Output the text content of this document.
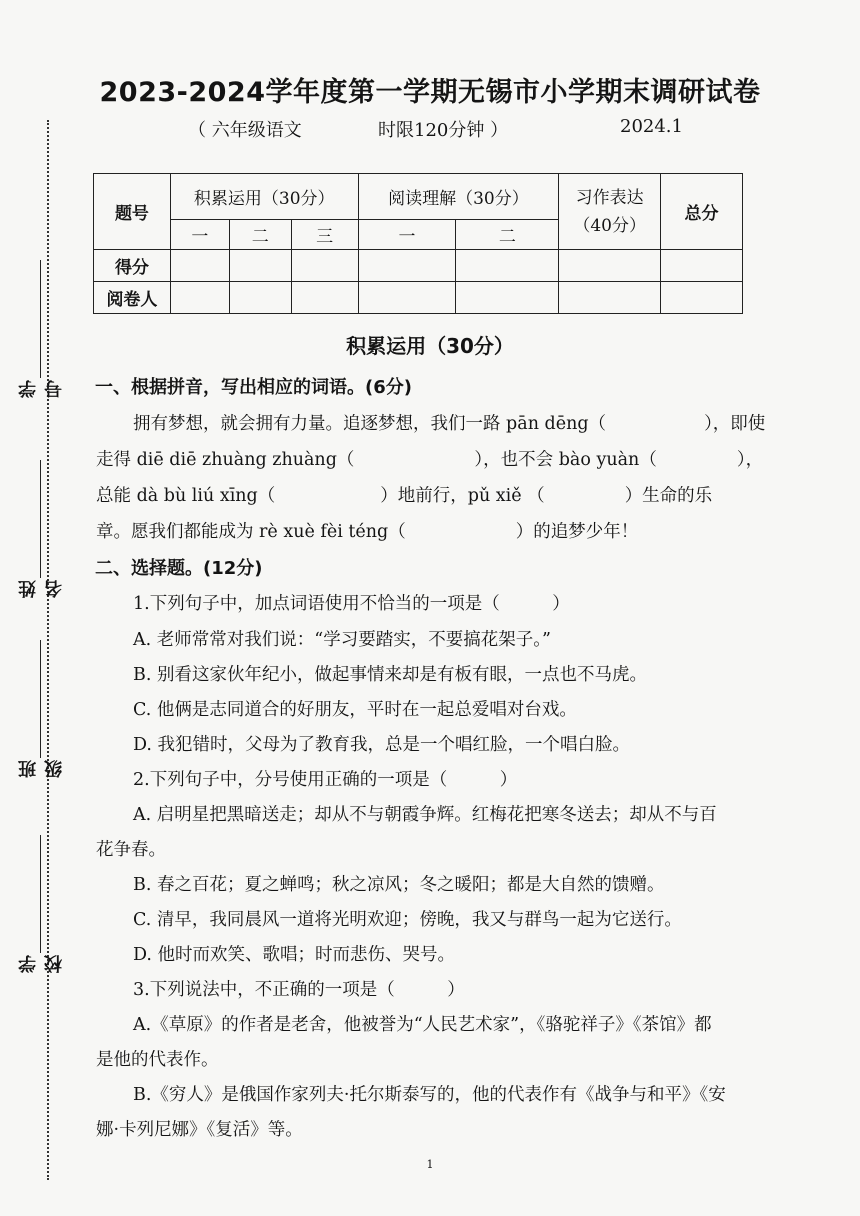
2023-2024学年度第一学期无锡市小学期末调研试卷
（ 六年级语文	时限120分钟 ）	2024.1
学号
姓名
班级
学校
题号	积累运用（30分）			阅读理解（30分）		习作表达（40分）	总分
	一	二	三	一	二		
得分							
阅卷人							
积累运用（30分）
一、根据拼音，写出相应的词语。(6分)
拥有梦想，就会拥有力量。追逐梦想，我们一路 pān dēng（	），即使
走得 diē diē zhuàng zhuàng（	），也不会 bào yuàn（	），
总能 dà bù liú xīng（	）地前行，pǔ xiě （	）生命的乐
章。愿我们都能成为 rè xuè fèi téng（	）的追梦少年！
二、选择题。(12分)
1.下列句子中，加点词语使用不恰当的一项是（　　　）
A. 老师常常对我们说：“学习要踏实，不要搞花架子。”
B. 别看这家伙年纪小，做起事情来却是有板有眼，一点也不马虎。
C. 他俩是志同道合的好朋友，平时在一起总爱唱对台戏。
D. 我犯错时，父母为了教育我，总是一个唱红脸，一个唱白脸。
2.下列句子中，分号使用正确的一项是（　　　）
A. 启明星把黑暗送走；却从不与朝霞争辉。红梅花把寒冬送去；却从不与百
花争春。
B. 春之百花；夏之蝉鸣；秋之凉风；冬之暖阳；都是大自然的馈赠。
C. 清早，我同晨风一道将光明欢迎；傍晚，我又与群鸟一起为它送行。
D. 他时而欢笑、歌唱；时而悲伤、哭号。
3.下列说法中，不正确的一项是（　　　）
A.《草原》的作者是老舍，他被誉为“人民艺术家”，《骆驼祥子》《茶馆》都
是他的代表作。
B.《穷人》是俄国作家列夫·托尔斯泰写的，他的代表作有《战争与和平》《安
娜·卡列尼娜》《复活》等。
1
